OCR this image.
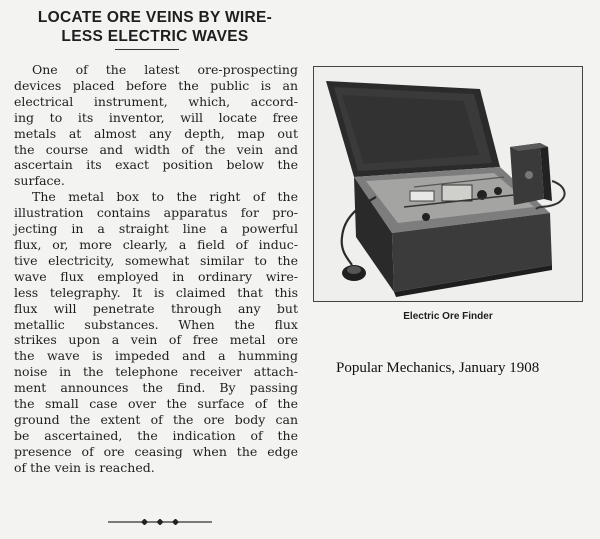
LOCATE ORE VEINS BY WIRE-
LESS ELECTRIC WAVES
One of the latest ore-prospecting
devices placed before the public is an
electrical instrument, which, accord-
ing to its inventor, will locate free
metals at almost any depth, map out
the course and width of the vein and
ascertain its exact position below the
surface.
The metal box to the right of the
illustration contains apparatus for pro-
jecting in a straight line a powerful
flux, or, more clearly, a field of induc-
tive electricity, somewhat similar to the
wave flux employed in ordinary wire-
less telegraphy. It is claimed that this
flux will penetrate through any but
metallic substances. When the flux
strikes upon a vein of free metal ore
the wave is impeded and a humming
noise in the telephone receiver attach-
ment announces the find. By passing
the small case over the surface of the
ground the extent of the ore body can
be ascertained, the indication of the
presence of ore ceasing when the edge
of the vein is reached.
Electric Ore Finder
Popular Mechanics, January 1908
